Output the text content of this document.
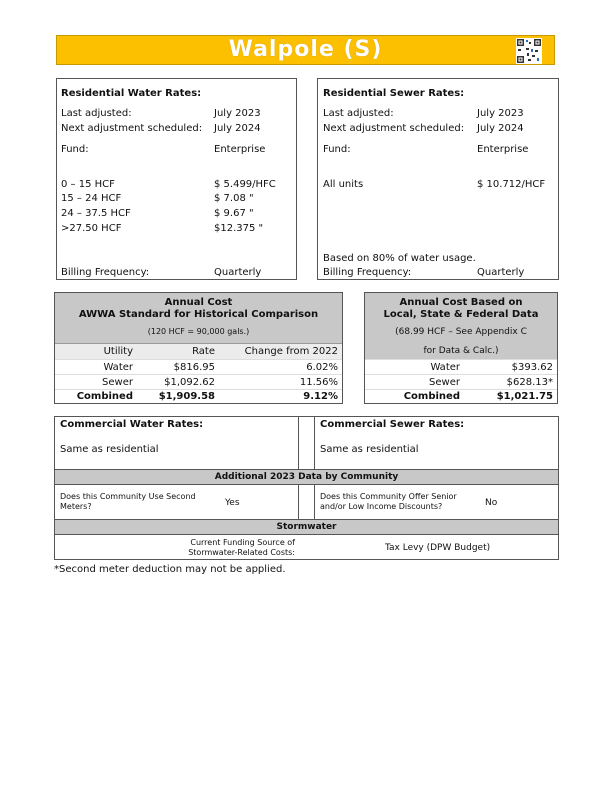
Walpole (S)
Residential Water Rates:
Last adjusted:	July 2023
Next adjustment scheduled: July 2024
Fund:	Enterprise
0 – 15 HCF	$ 5.499/HFC
15 – 24 HCF	$ 7.08 "
24 – 37.5 HCF	$ 9.67 "
>27.50 HCF	$12.375 "
Billing Frequency:	Quarterly
Residential Sewer Rates:
Last adjusted:	July 2023
Next adjustment scheduled: July 2024
Fund:	Enterprise
All units	$ 10.712/HCF
Based on 80% of water usage.
Billing Frequency:	Quarterly
Annual Cost
AWWA Standard for Historical Comparison
(120 HCF = 90,000 gals.)
Utility	Rate	Change from 2022
Water	$816.95	6.02%
Sewer	$1,092.62	11.56%
Combined	$1,909.58	9.12%
Annual Cost Based on
Local, State & Federal Data
(68.99 HCF – See Appendix C
for Data & Calc.)
Water	$393.62
Sewer	$628.13*
Combined	$1,021.75
Commercial Water Rates:
Same as residential
Commercial Sewer Rates:
Same as residential
Additional 2023 Data by Community
Does this Community Use Second Meters?	Yes
Does this Community Offer Senior and/or Low Income Discounts?	No
Stormwater
Current Funding Source of Stormwater-Related Costs:	Tax Levy (DPW Budget)
*Second meter deduction may not be applied.
